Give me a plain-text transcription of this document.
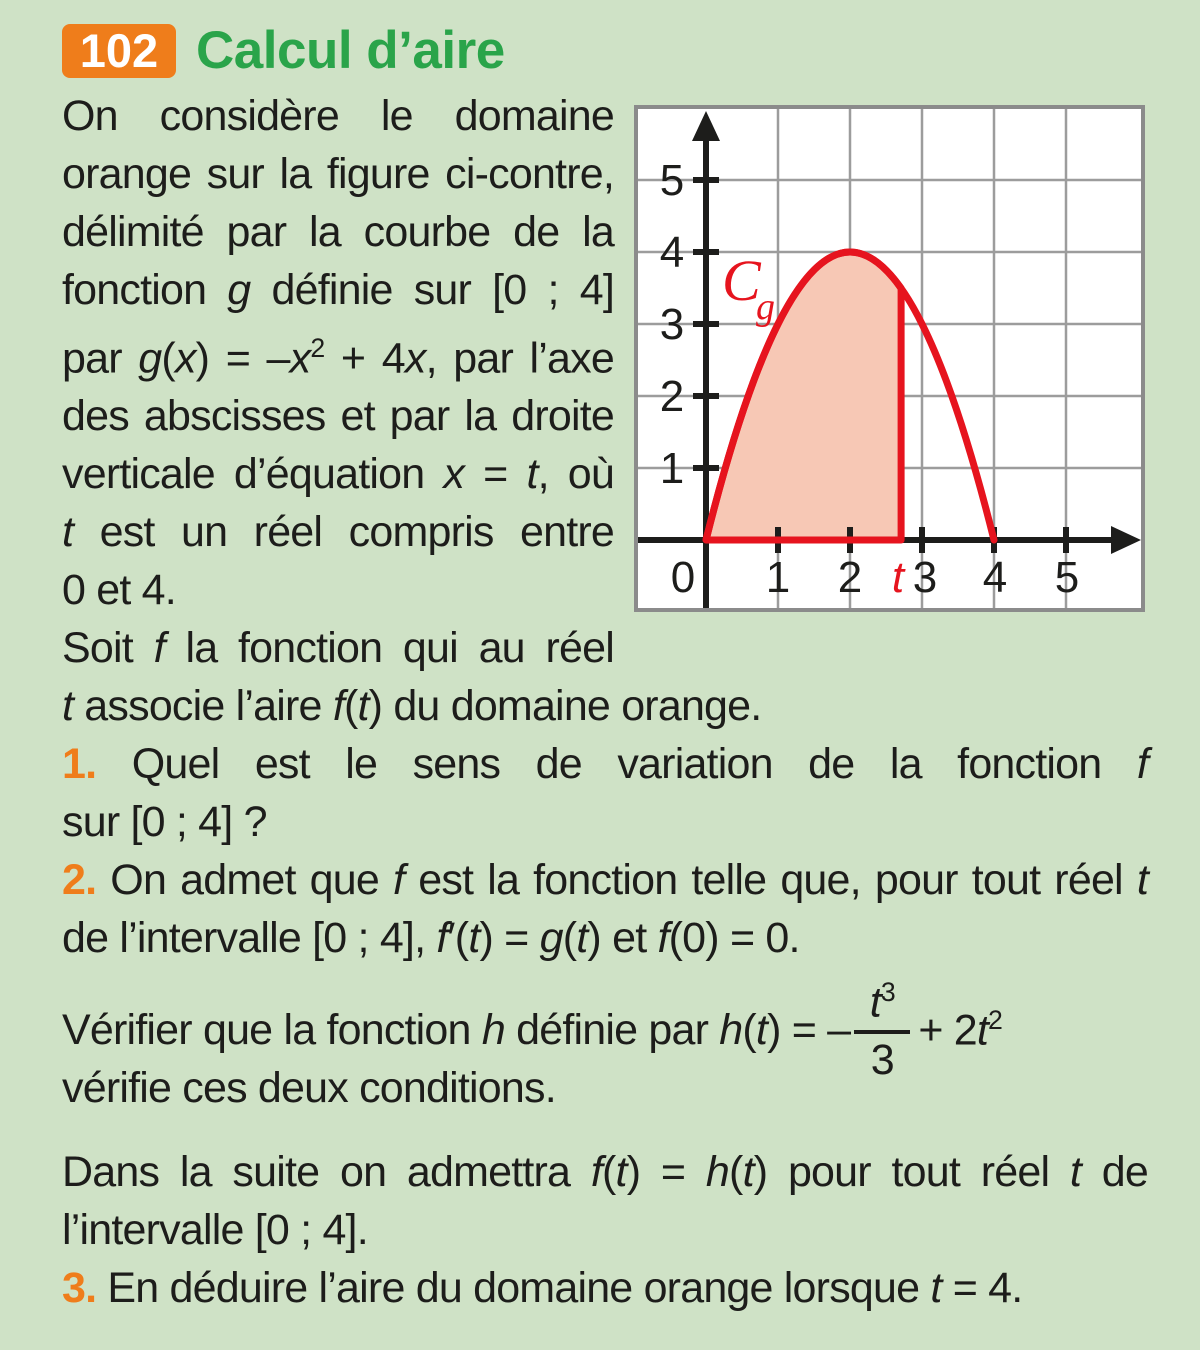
102 Calcul d’aire
On considère le domaine
orange sur la figure ci-contre,
délimité par la courbe de la
fonction g définie sur [0 ; 4]
par $g(x) = -x^2 + 4x$, par l’axe
des abscisses et par la droite
verticale d’équation x = t, où
t est un réel compris entre
0 et 4.
Soit f la fonction qui au réel
0 1 2 3 4 5
t
1
2
3
4
5
C
g
t associe l’aire f(t) du domaine orange.
1. Quel est le sens de variation de la fonction f
sur [0 ; 4] ?
2. On admet que f est la fonction telle que, pour tout réel t
de l’intervalle [0 ; 4], f′(t) = g(t) et f(0) = 0.
Vérifier que la fonction h définie par h(t) = – $\frac{t^3}{3} + 2t^2$
vérifie ces deux conditions.
Dans la suite on admettra f(t) = h(t) pour tout réel t de
l’intervalle [0 ; 4].
3. En déduire l’aire du domaine orange lorsque t = 4.
